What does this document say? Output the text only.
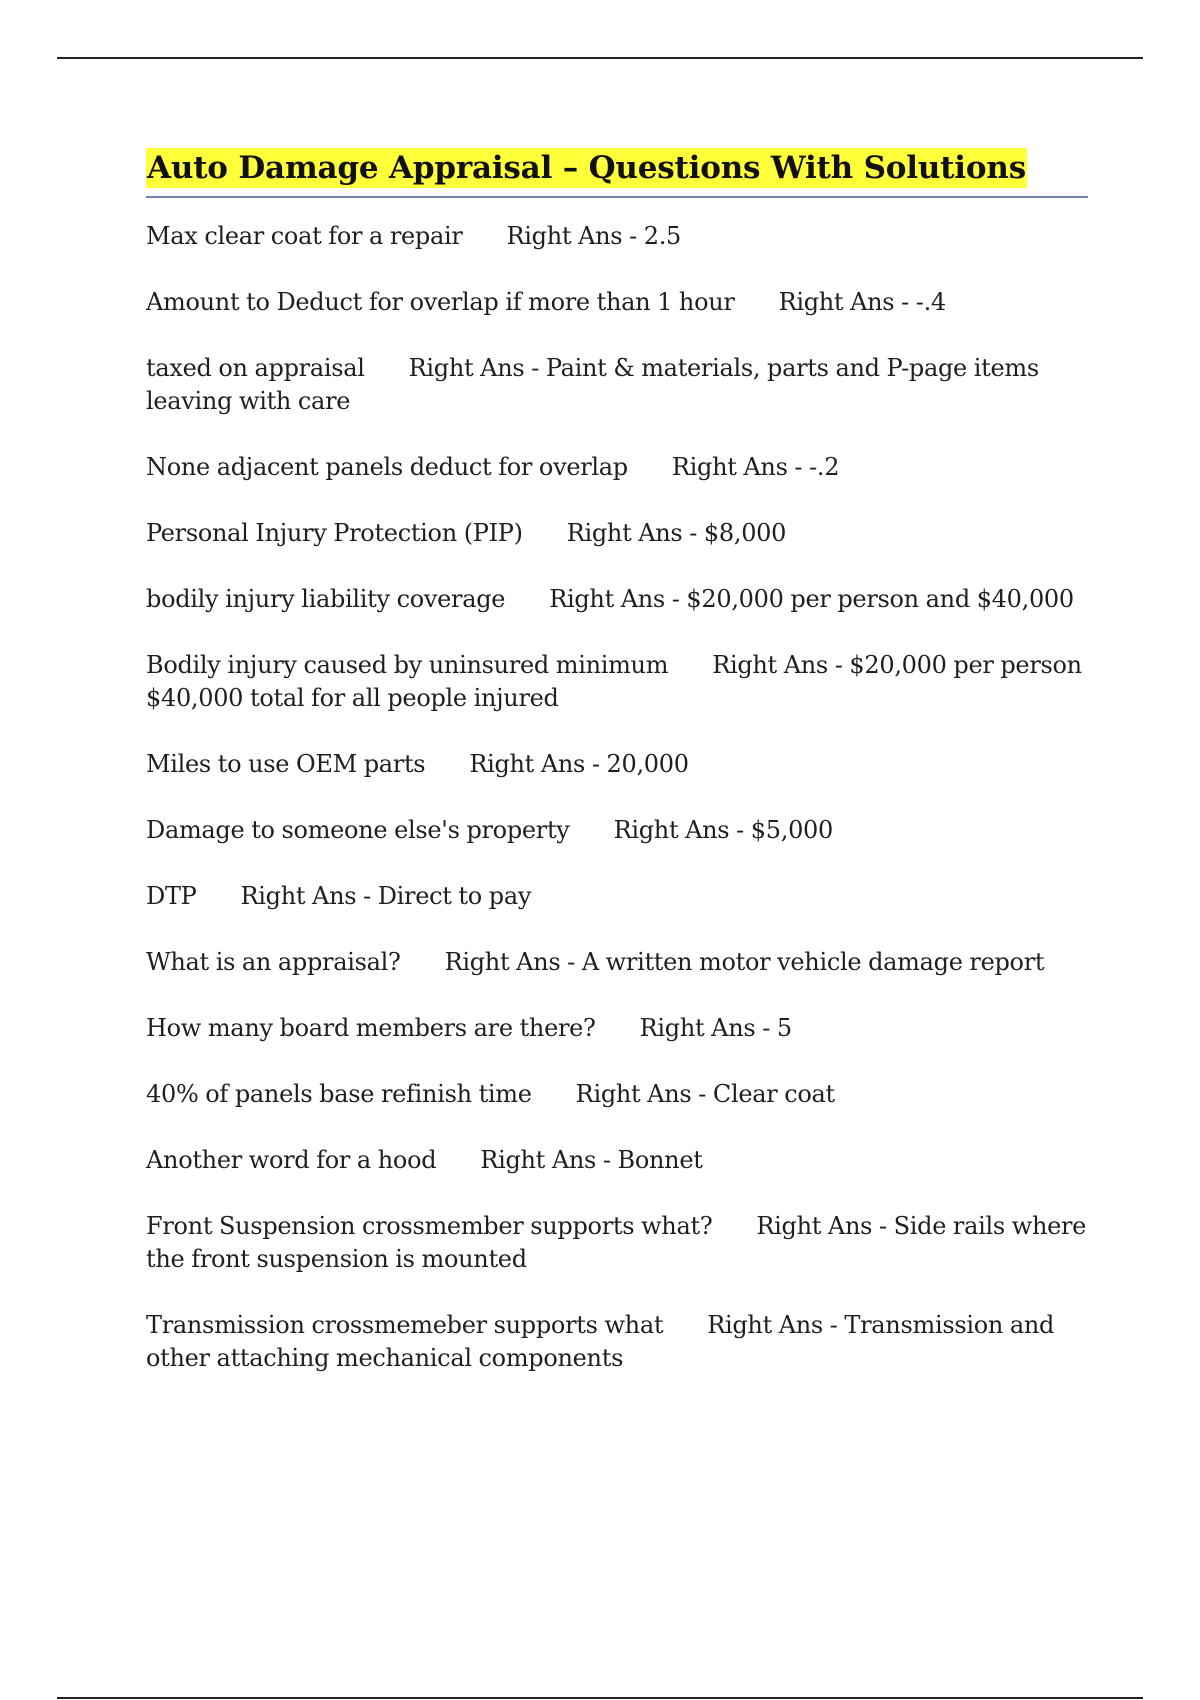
Auto Damage Appraisal – Questions With Solutions

Max clear coat for a repair Right Ans - 2.5

Amount to Deduct for overlap if more than 1 hour Right Ans - -.4

taxed on appraisal Right Ans - Paint & materials, parts and P-page items leaving with care

None adjacent panels deduct for overlap Right Ans - -.2

Personal Injury Protection (PIP) Right Ans - $8,000

bodily injury liability coverage Right Ans - $20,000 per person and $40,000

Bodily injury caused by uninsured minimum Right Ans - $20,000 per person $40,000 total for all people injured

Miles to use OEM parts Right Ans - 20,000

Damage to someone else's property Right Ans - $5,000

DTP Right Ans - Direct to pay

What is an appraisal? Right Ans - A written motor vehicle damage report

How many board members are there? Right Ans - 5

40% of panels base refinish time Right Ans - Clear coat

Another word for a hood Right Ans - Bonnet

Front Suspension crossmember supports what? Right Ans - Side rails where the front suspension is mounted

Transmission crossmemeber supports what Right Ans - Transmission and other attaching mechanical components
